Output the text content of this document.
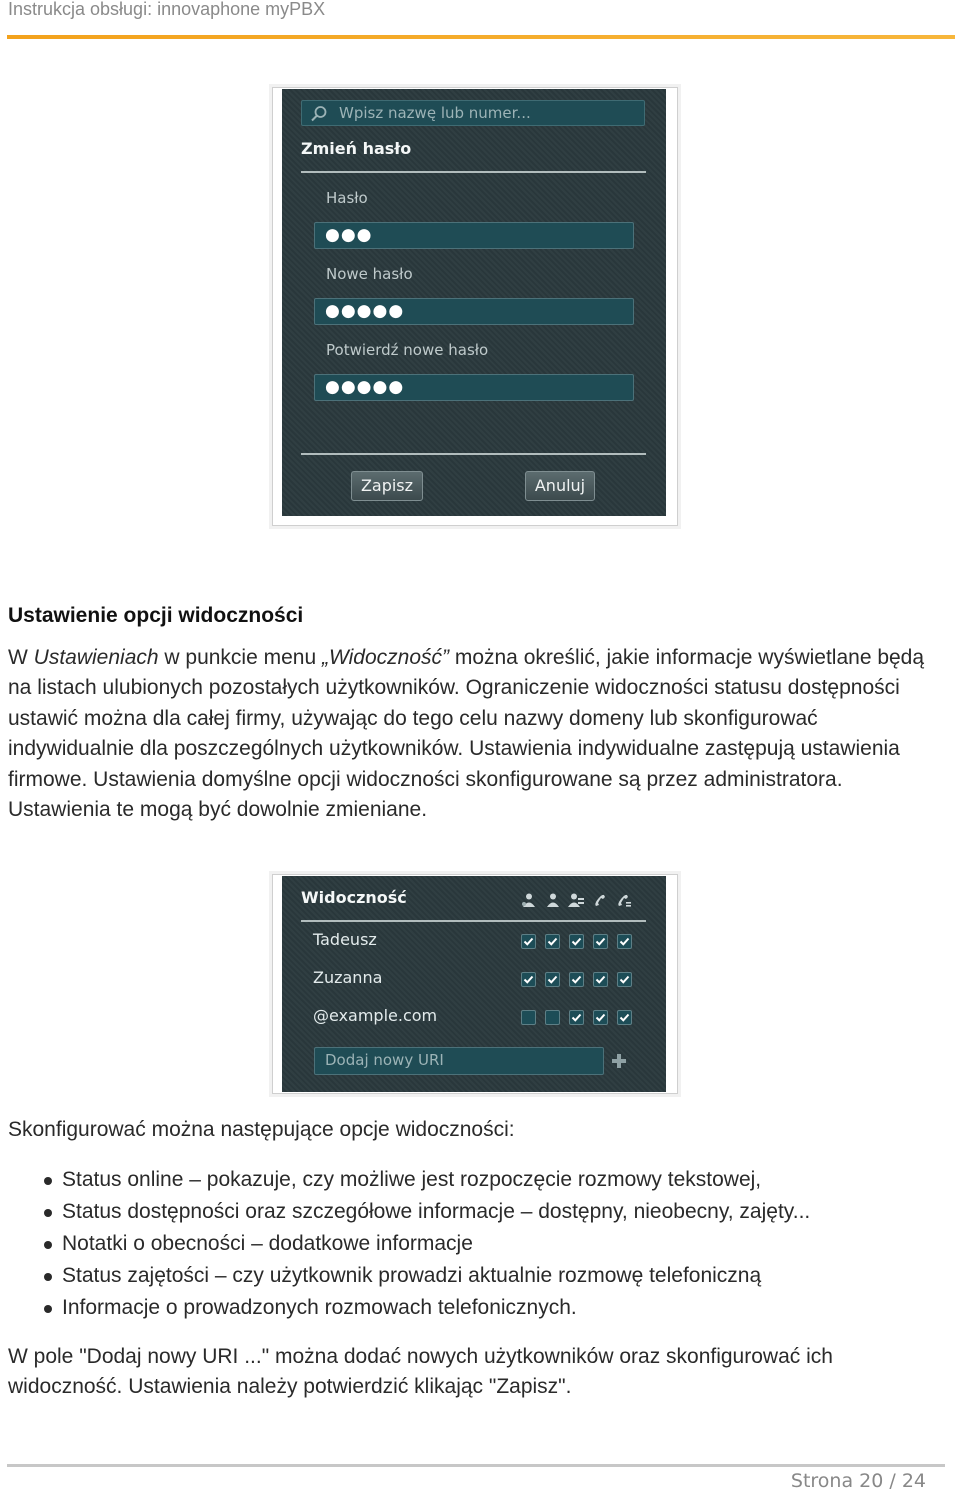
Instrukcja obsługi: innovaphone myPBX
Wpisz nazwę lub numer...
Zmień hasło
Hasło
●●●
Nowe hasło
●●●●●
Potwierdź nowe hasło
●●●●●
Zapisz	Anuluj
Ustawienie opcji widoczności

W Ustawieniach w punkcie menu „Widoczność” można określić, jakie informacje wyświetlane będą na listach ulubionych pozostałych użytkowników. Ograniczenie widoczności statusu dostępności ustawić można dla całej firmy, używając do tego celu nazwy domeny lub skonfigurować indywidualnie dla poszczególnych użytkowników. Ustawienia indywidualne zastępują ustawienia firmowe. Ustawienia domyślne opcji widoczności skonfigurowane są przez administratora. Ustawienia te mogą być dowolnie zmieniane.

Widoczność
Tadeusz
Zuzanna
@example.com
Dodaj nowy URI

Skonfigurować można następujące opcje widoczności:

Status online – pokazuje, czy możliwe jest rozpoczęcie rozmowy tekstowej,
Status dostępności oraz szczegółowe informacje – dostępny, nieobecny, zajęty...
Notatki o obecności – dodatkowe informacje
Status zajętości – czy użytkownik prowadzi aktualnie rozmowę telefoniczną
Informacje o prowadzonych rozmowach telefonicznych.

W pole "Dodaj nowy URI ..." można dodać nowych użytkowników oraz skonfigurować ich widoczność. Ustawienia należy potwierdzić klikając "Zapisz".

Strona 20 / 24
